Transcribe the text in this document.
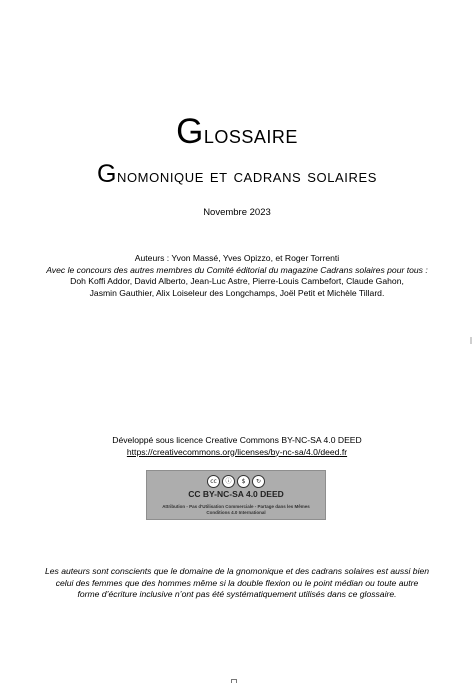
Glossaire
Gnomonique et cadrans solaires
Novembre 2023
Auteurs : Yvon Massé, Yves Opizzo, et Roger Torrenti
Avec le concours des autres membres du Comité éditorial du magazine Cadrans solaires pour tous :
Doh Koffi Addor, David Alberto, Jean-Luc Astre, Pierre-Louis Cambefort, Claude Gahon,
Jasmin Gauthier, Alix Loiseleur des Longchamps, Joël Petit et Michèle Tillard.
Développé sous licence Creative Commons BY-NC-SA 4.0 DEED
https://creativecommons.org/licenses/by-nc-sa/4.0/deed.fr
cc	ⓘ	$	↻
CC BY-NC-SA 4.0 DEED
Attribution - Pas d'Utilisation Commerciale - Partage dans les Mêmes Conditions 4.0 International
Les auteurs sont conscients que le domaine de la gnomonique et des cadrans solaires est aussi bien
celui des femmes que des hommes même si la double flexion ou le point médian ou toute autre
forme d’écriture inclusive n’ont pas été systématiquement utilisés dans ce glossaire.
